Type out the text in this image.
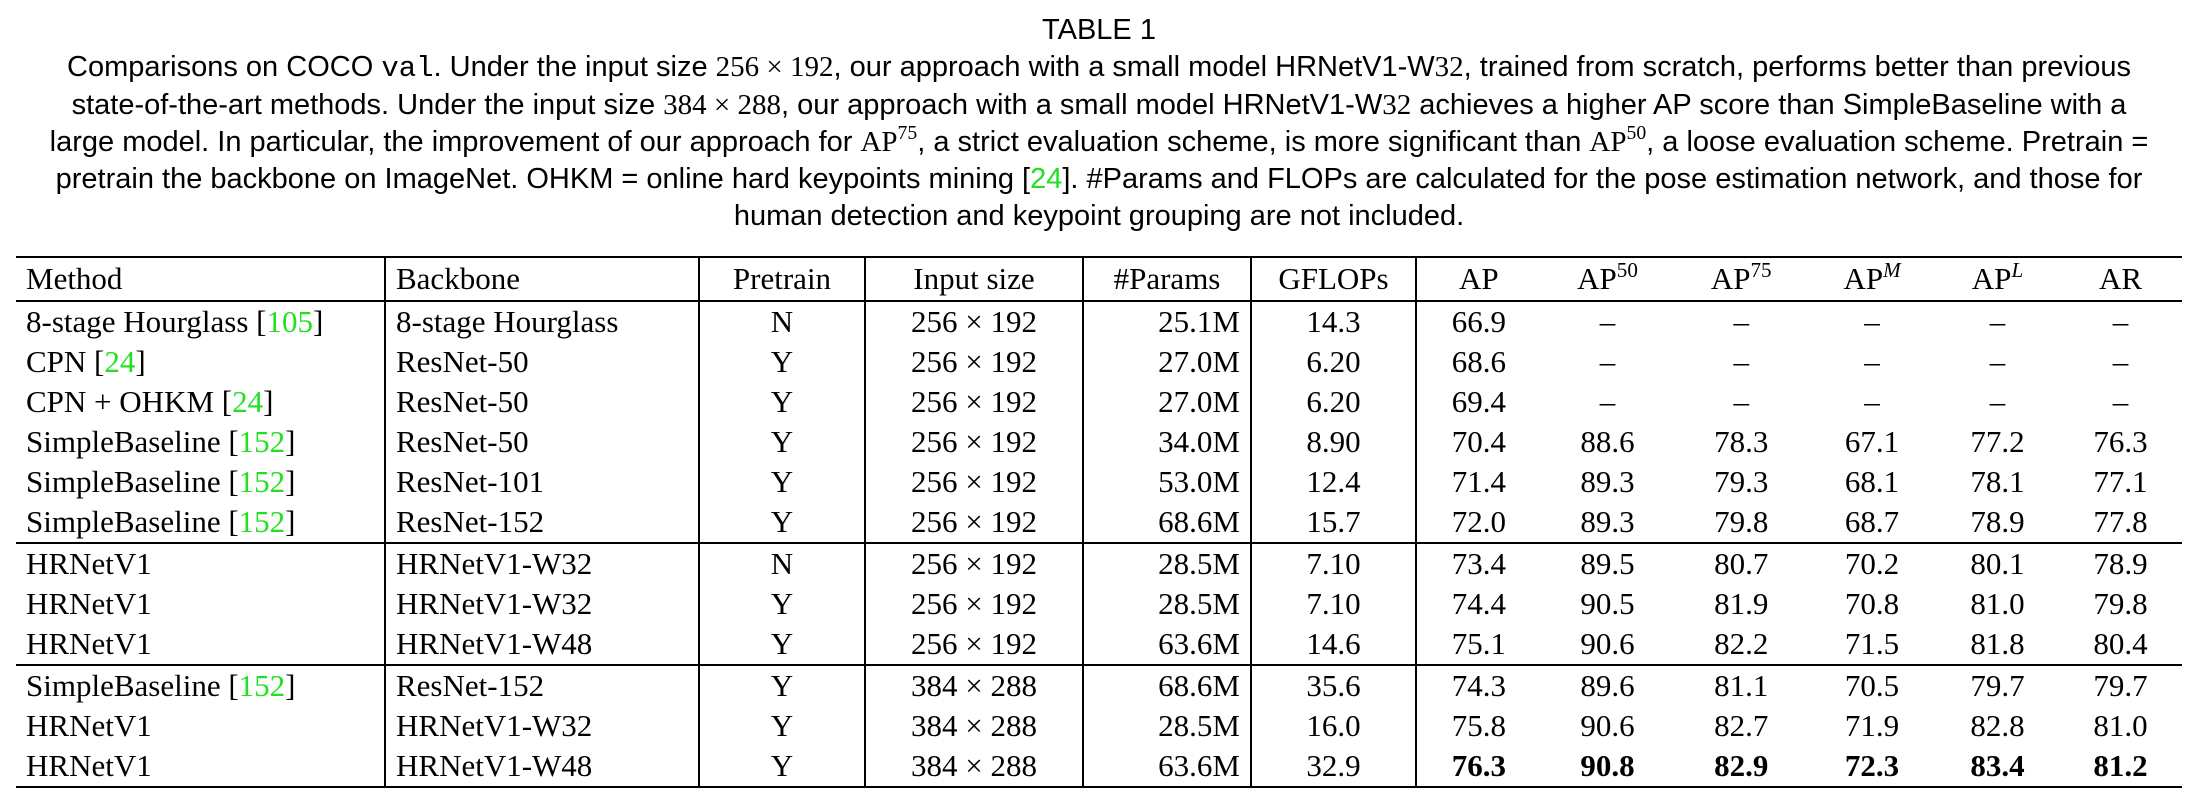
TABLE 1
Comparisons on COCO val. Under the input size 256 × 192, our approach with a small model HRNetV1-W32, trained from scratch, performs better than previous state-of-the-art methods. Under the input size 384 × 288, our approach with a small model HRNetV1-W32 achieves a higher AP score than SimpleBaseline with a large model. In particular, the improvement of our approach for AP$^{75}$, a strict evaluation scheme, is more significant than AP$^{50}$, a loose evaluation scheme. Pretrain = pretrain the backbone on ImageNet. OHKM = online hard keypoints mining [24]. #Params and FLOPs are calculated for the pose estimation network, and those for human detection and keypoint grouping are not included.
Method	Backbone	Pretrain	Input size	#Params	GFLOPs	AP	AP$^{50}$	AP$^{75}$	$AP^M$	$AP^L$	AR
8-stage Hourglass [105]	8-stage Hourglass	N	256 × 192	25.1M	14.3	66.9	–	–	–	–	–
CPN [24]	ResNet-50	Y	256 × 192	27.0M	6.20	68.6	–	–	–	–	–
CPN + OHKM [24]	ResNet-50	Y	256 × 192	27.0M	6.20	69.4	–	–	–	–	–
SimpleBaseline [152]	ResNet-50	Y	256 × 192	34.0M	8.90	70.4	88.6	78.3	67.1	77.2	76.3
SimpleBaseline [152]	ResNet-101	Y	256 × 192	53.0M	12.4	71.4	89.3	79.3	68.1	78.1	77.1
SimpleBaseline [152]	ResNet-152	Y	256 × 192	68.6M	15.7	72.0	89.3	79.8	68.7	78.9	77.8
HRNetV1	HRNetV1-W32	N	256 × 192	28.5M	7.10	73.4	89.5	80.7	70.2	80.1	78.9
HRNetV1	HRNetV1-W32	Y	256 × 192	28.5M	7.10	74.4	90.5	81.9	70.8	81.0	79.8
HRNetV1	HRNetV1-W48	Y	256 × 192	63.6M	14.6	75.1	90.6	82.2	71.5	81.8	80.4
SimpleBaseline [152]	ResNet-152	Y	384 × 288	68.6M	35.6	74.3	89.6	81.1	70.5	79.7	79.7
HRNetV1	HRNetV1-W32	Y	384 × 288	28.5M	16.0	75.8	90.6	82.7	71.9	82.8	81.0
HRNetV1	HRNetV1-W48	Y	384 × 288	63.6M	32.9	76.3	90.8	82.9	72.3	83.4	81.2
